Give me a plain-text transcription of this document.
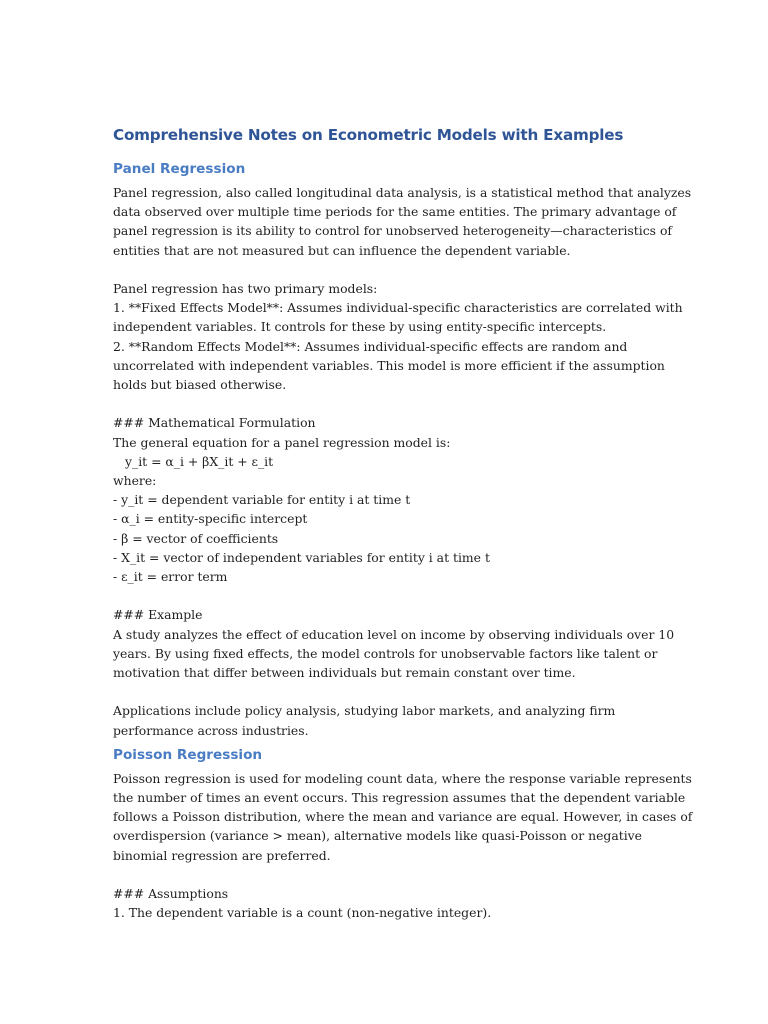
Comprehensive Notes on Econometric Models with Examples
Panel Regression
Panel regression, also called longitudinal data analysis, is a statistical method that analyzes
data observed over multiple time periods for the same entities. The primary advantage of
panel regression is its ability to control for unobserved heterogeneity—characteristics of
entities that are not measured but can influence the dependent variable.
Panel regression has two primary models:
1. **Fixed Effects Model**: Assumes individual-specific characteristics are correlated with
independent variables. It controls for these by using entity-specific intercepts.
2. **Random Effects Model**: Assumes individual-specific effects are random and
uncorrelated with independent variables. This model is more efficient if the assumption
holds but biased otherwise.
### Mathematical Formulation
The general equation for a panel regression model is:
y_it = α_i + βX_it + ε_it
where:
- y_it = dependent variable for entity i at time t
- α_i = entity-specific intercept
- β = vector of coefficients
- X_it = vector of independent variables for entity i at time t
- ε_it = error term
### Example
A study analyzes the effect of education level on income by observing individuals over 10
years. By using fixed effects, the model controls for unobservable factors like talent or
motivation that differ between individuals but remain constant over time.
Applications include policy analysis, studying labor markets, and analyzing firm
performance across industries.
Poisson Regression
Poisson regression is used for modeling count data, where the response variable represents
the number of times an event occurs. This regression assumes that the dependent variable
follows a Poisson distribution, where the mean and variance are equal. However, in cases of
overdispersion (variance > mean), alternative models like quasi-Poisson or negative
binomial regression are preferred.
### Assumptions
1. The dependent variable is a count (non-negative integer).
